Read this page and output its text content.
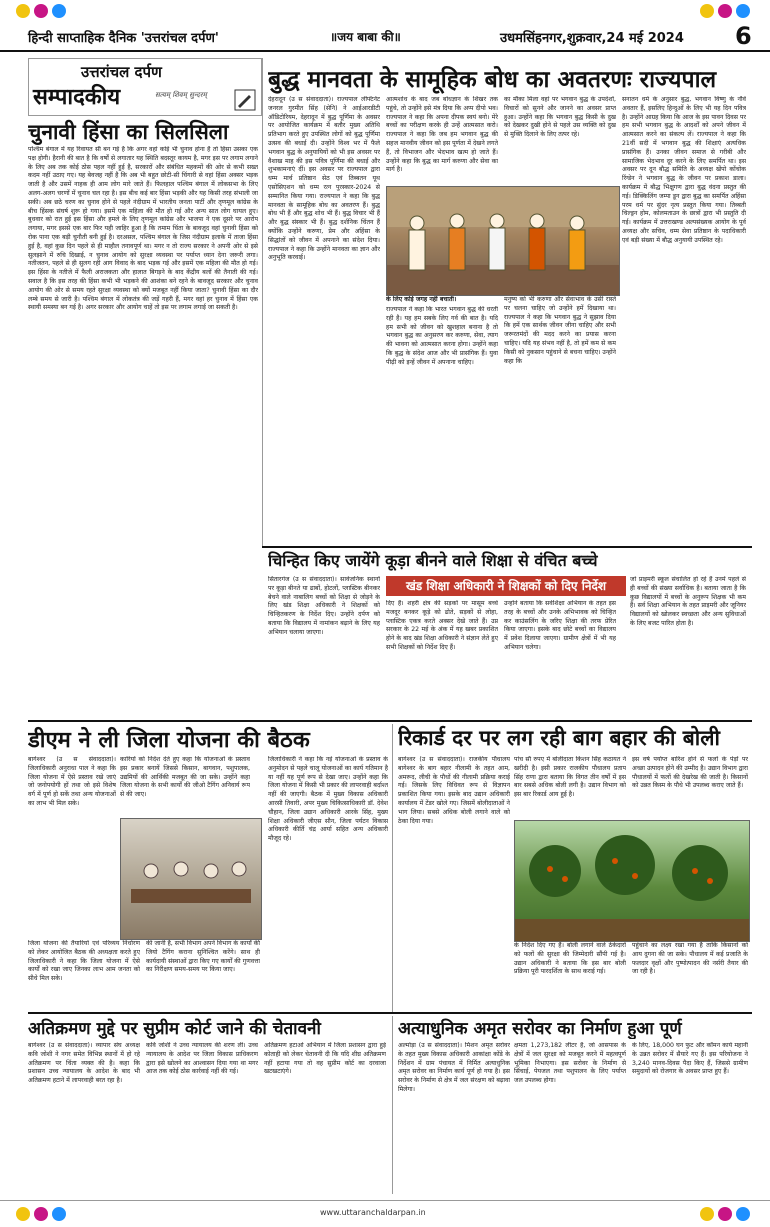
हिन्दी साप्ताहिक दैनिक 'उत्तरांचल दर्पण'	॥जय बाबा की॥	उधमसिंहनगर,शुक्रवार,24 मई 2024 6
उत्तरांचल दर्पण
सम्पादकीय	सत्यम् शिवम् सुन्दरम्
चुनावी हिंसा का सिलसिला
पश्चिम बंगाल में यह रिवायत सी बन गई है कि अगर वहां कोई भी चुनाव होना है तो हिंसा उसका एक पक्ष होगी। हैरानी की बात है कि वर्षों से लगातार यह स्थिति बदस्तूर कायम है, मगर इस पर लगाम लगाने के लिए अब तक कोई ठोस पहल नहीं हुई है, सरकारों और संबंधित महकमों की ओर से कभी सख्त कदम नहीं उठाए गए। यह बेवजह नहीं है कि अब भी बहुत छोटी-सी चिंगारी से वहां हिंसा अक्सर भड़क जाती है और उसमें नाहक ही आम लोग मारे जाते हैं। फिलहाल पश्चिम बंगाल में लोकसभा के लिए अलग-अलग चरणों में चुनाव चल रहा है। इस बीच कई बार हिंसा भड़की और यह किसी तरह संभाली जा सकी। अब छठे चरण का चुनाव होने से पहले नंदीग्राम में भारतीय जनता पार्टी और तृणमूल कांग्रेस के बीच हिंसक संघर्ष शुरू हो गया। इसमें एक महिला की मौत हो गई और अन्य सात लोग घायल हुए। बुधवार को रात हुई इस हिंसा और हमले के लिए तृणमूल कांग्रेस और भाजपा ने एक दूसरे पर आरोप लगाया, मगर इससे एक बार फिर यही जाहिर हुआ है कि तमाम चिंता के बावजूद वहां चुनावी हिंसा को रोक पाना एक बड़ी चुनौती बनी हुई है। दरअसल, पश्चिम बंगाल के जिस नंदीग्राम इलाके में ताजा हिंसा हुई है, वहां कुछ दिन पहले से ही माहौल तनावपूर्ण था। मगर न तो राज्य सरकार ने अपनी ओर से इसे सुलझाने में रुचि दिखाई, न चुनाव आयोग को सुरक्षा व्यवस्था पर पर्याप्त ध्यान देना जरूरी लगा। नतीजतन, पहले से ही सुलग रही आग विवाद के बाद भड़क गई और इसमें एक महिला की मौत हो गई। इस हिंसा के नतीजे में फैली अराजकता और हालात बिगड़ने के बाद केंद्रीय बलों की तैनाती की गई। सवाल है कि इस तरह की हिंसा कभी भी भड़कने की आशंका बने रहने के बावजूद सरकार और चुनाव आयोग की ओर से समय रहते सुरक्षा व्यवस्था को क्यों मजबूत नहीं किया जाता? चुनावी हिंसा का दौर लम्बे समय से जारी है। पश्चिम बंगाल में लोकतंत्र की जड़ें गहरी हैं, मगर वहां हर चुनाव में हिंसा एक स्थायी समस्या बन गई है। अगर सरकार और आयोग चाहें तो इस पर लगाम लगाई जा सकती है।
बुद्ध मानवता के सामूहिक बोध का अवतरणः राज्यपाल
देहरादून (उ स संवाददाता)। राज्यपाल लेफ्टिनेंट जनरल गुरमीत सिंह (सेनि) ने आईआरडीटी ऑडिटोरियम, देहरादून में बुद्ध पूर्णिमा के अवसर पर आयोजित कार्यक्रम में बतौर मुख्य अतिथि प्रतिभाग करते हुए उपस्थित लोगों को बुद्ध पूर्णिमा उत्सव की बधाई दी। उन्होंने विश्व भर में फैले भगवान बुद्ध के अनुयायियों को भी इस अवसर पर वैशाख माह की इस पवित्र पूर्णिमा की बधाई और शुभकामनाएं दीं। इस अवसर पर राज्यपाल द्वारा धम्म मार्च प्रतिष्ठान सेठ एवं तिब्बतन यूथ एसोसिएशन को धम्म रत्न पुरस्कार-2024 से सम्मानित किया गया। राज्यपाल ने कहा कि बुद्ध मानवता के सामूहिक बोध का अवतरण हैं। बुद्ध बोध भी हैं और बुद्ध शोध भी हैं। बुद्ध विचार भी हैं और बुद्ध संस्कार भी हैं। बुद्ध दर्शनिक चिंतन हैं क्योंकि उन्होंने करुणा, प्रेम और अहिंसा के सिद्धांतों को जीवन में अपनाने का संदेश दिया। राज्यपाल ने कहा कि उन्होंने मानवता का ज्ञान और अनुभूति करवाई।
आत्मशोध के बाद जब बोधज्ञान के शिखर तक पहुंचे, तो उन्होंने इसे मंत्र दिया कि अप्प दीपो भव। राज्यपाल ने कहा कि अपना दीपक स्वयं बनो। मेरे बच्चों का परीक्षण करके ही उन्हें आत्मसात करो। राज्यपाल ने कहा कि जब हम भगवान बुद्ध की सहज मानवीय जीवन को इस पूर्णता में देखने लगते हैं, तो विभाजन और भेदभाव खत्म हो जाते हैं। उन्होंने कहा कि बुद्ध का मार्ग करुणा और सेवा का मार्ग है।
का मौका मिला वहां पर भगवान बुद्ध के उपदेशों, विचारों को सुनने और जानने का अवसर प्राप्त हुआ। उन्होंने कहा कि भगवान बुद्ध किसी के दुख को देखकर दुखी होने से पहले उस व्यक्ति को दुख से मुक्ति दिलाने के लिए तत्पर रहे।
के लिए कोई जगह नहीं बचाती।
राज्यपाल ने कहा कि भारत भगवान बुद्ध की धरती रही है। यह हम सबके लिए गर्व की बात है। यदि हम सभी को जीवन को खुशहाल बनाना है तो भगवान बुद्ध का अनुसरण कर करुणा, सेवा, त्याग की भावना को आत्मसात करना होगा। उन्होंने कहा कि बुद्ध के संदेश आज और भी प्रासंगिक हैं। युवा पीढ़ी को इन्हें जीवन में अपनाना चाहिए।
मनुष्य को भी करुणा और सेवाभाव के उसी रास्ते पर चलना चाहिए जो उन्होंने हमें दिखाया था। राज्यपाल ने कहा कि भगवान बुद्ध ने सुझाव दिया कि हमें एक सार्थक जीवन जीना चाहिए और सभी जरूरतमंदों की मदद करने का प्रयास करना चाहिए। यदि यह संभव नहीं है, तो हमें कम से कम किसी को नुकसान पहुंचाने से बचना चाहिए। उन्होंने कहा कि
सनातन धर्म के अनुसार बुद्ध, भगवान विष्णु के नौवें अवतार हैं, इसलिए हिन्दुओं के लिए भी यह दिन पवित्र है। उन्होंने आग्रह किया कि आज के इस पावन दिवस पर हम सभी भगवान बुद्ध के आदर्शों को अपने जीवन में आत्मसात करने का संकल्प लें। राज्यपाल ने कहा कि 21वीं सदी में भगवान बुद्ध की शिक्षाएं अत्यधिक प्रासंगिक हैं। उनका जीवन समाज से गरीबी और सामाजिक भेदभाव दूर करने के लिए समर्पित था। इस अवसर पर दून बौद्ध समिति के अध्यक्ष खेंपो कोंचोक रिंग्डेन ने भगवान बुद्ध के जीवन पर प्रकाश डाला। कार्यक्रम में बौद्ध भिक्षुगण द्वारा बुद्ध वंदना प्रस्तुत की गई। डिक्किलिंग जम्पा डून द्वारा बुद्ध का समर्पित अहिंसा परम धर्म पर सुंदर नृत्य प्रस्तुत किया गया। तिब्बती चिल्ड्रन होम, कोलमताउन के छात्रों द्वारा भी प्रस्तुति दी गई। कार्यक्रम में उत्तराखण्ड अल्पसंख्यक आयोग के पूर्व अध्यक्ष और सचिव, धम्म सेवा प्रतिष्ठान के पदाधिकारी एवं बड़ी संख्या में बौद्ध अनुयायी उपस्थित रहे।
चिन्हित किए जायेंगे कूड़ा बीनने वाले शिक्षा से वंचित बच्चे
खंड शिक्षा अधिकारी ने शिक्षकों को दिए निर्देश
सितारगंज (उ स संवाददाता)। सार्वजनिक स्थानों पर कूड़ा बीनते या ढाबों, होटलों, प्लास्टिक बीनकर बेचने वाले नाबालिग बच्चों को शिक्षा से जोड़ने के लिए खंड शिक्षा अधिकारी ने शिक्षकों को चिन्हितकरण के निर्देश दिए। उन्होंने दर्पण को बताया कि विद्यालय में नामांकन बढ़ाने के लिए यह अभियान चलाया जाएगा।
दिए हैं। शहरी क्षेत्र की सड़कों पर मासूम बच्चे मजदूर बनकर कूड़े को ढोते, सड़कों से लोहा, प्लास्टिक एकत्र करते अक्सर देखे जाते हैं। उप्र सरकार के 22 मई के अंक में यह खबर प्रकाशित होने के बाद खंड शिक्षा अधिकारी ने संज्ञान लेते हुए सभी शिक्षकों को निर्देश दिए हैं।
उन्होंने बताया कि सर्वशिक्षा अभियान के तहत इस तरह के बच्चों और उनके अभिभावक को चिन्हित कर काउंसलिंग के जरिए शिक्षा की तरफ प्रेरित किया जाएगा। इसके बाद छोटे बच्चों का विद्यालय में प्रवेश दिलाया जाएगा। ग्रामीण क्षेत्रों में भी यह अभियान चलेगा।
जो प्राइमरी स्कूल संचालित हो रहे हैं उनमें पहले से ही बच्चों की संख्या सर्वाधिक है। बताया जाता है कि कुछ विद्यालयों में बच्चों के अनुरूप शिक्षक भी कम हैं। सर्व शिक्षा अभियान के तहत प्राइमरी और जूनियर विद्यालयों को खोलकर स्वच्छता और अन्य सुविधाओं के लिए बजट पारित होता है।
डीएम ने ली जिला योजना की बैठक
बागेश्वर (उ स संवाददाता)। जिलाधिकारी अनुराधा पाल ने कहा कि जिला योजना में ऐसे प्रस्ताव रखे जाएं जो जनोपयोगी हों तथा जो इसे विशेष वर्ग में पूर्ण हो सकें तथा अन्य योजनाओं का लाभ भी मिल सके।
कारियों को निर्देश देते हुए कहा कि योजनाओं के प्रस्ताव इस प्रकार बनायें जिससे किसान, बागवान, पशुपालक, उद्यमियों की आर्थिकी मजबूत की जा सके। उन्होंने कहा जिला योजना के सभी कार्यों की जीओ टैगिंग अनिवार्य रूप से की जाए।
जिलाधिकारी ने कहा कि नई योजनाओं के प्रस्ताव के अनुमोदन से पहले चालू योजनाओं का कार्य गतिमान है या नहीं यह पूर्ण रूप से देखा जाए। उन्होंने कहा कि जिला योजना में किसी भी प्रकार की लापरवाही बर्दाश्त नहीं की जाएगी। बैठक में मुख्य विकास अधिकारी आरसी तिवारी, अपर मुख्य चिकित्साधिकारी डॉ. देवेश चौहान, जिला उद्यान अधिकारी आरके सिंह, मुख्य शिक्षा अधिकारी जीएस सौन, जिला पर्यटन विकास अधिकारी कीर्ति चंद्र आर्या सहित अन्य अधिकारी मौजूद रहे।
जिला योजना की तैयारियों एवं परिव्यय निर्धारण को लेकर आयोजित बैठक की अध्यक्षता करते हुए जिलाधिकारी ने कहा कि जिला योजना में ऐसे कार्यों को रखा जाए जिनका लाभ आम जनता को सीधे मिल सके।
की जानी है, सभी विभाग अपने विभाग के कार्यों की जियो टैगिंग कराना सुनिश्चित करेंगे। साथ ही कार्यदायी संस्थाओं द्वारा किए गए कार्यों की गुणवत्ता का निरीक्षण समय-समय पर किया जाए।
रिकार्ड दर पर लग रही बाग बहार की बोली
बागेश्वर (उ स संवाददाता)। राजकीय पौधालय बागेश्वर के बाग बहार नीलामी के तहत आम, अमरूद, लीची के पौधों की नीलामी प्रक्रिया कराई गई। जिसके लिए विधिवत रूप से विज्ञापन प्रकाशित किया गया। इसके बाद उद्यान अधिकारी कार्यालय में टेंडर खोले गए। जिसमें बोलीदाताओं ने भाग लिया। सबसे अधिक बोली लगाने वाले को ठेका दिया गया।
पांच सौ रुपए में बोलीदाता किशन सिंह कठायत ने खरीदी है। इसी प्रकार राजकीय पौधालय प्रताप सिंह राणा द्वारा बताया कि विगत तीन वर्षों में इस बार सबसे अधिक बोली लगी है। उद्यान विभाग को इस बार रिकार्ड आय हुई है।
इस वर्ष पर्याप्त बारिश होने से फलों के पेड़ों पर अच्छा उत्पादन होने की उम्मीद है। उद्यान विभाग द्वारा पौधालयों में फलों की देखरेख की जाती है। किसानों को उन्नत किस्म के पौधे भी उपलब्ध कराए जाते हैं।
के निर्देश दिए गए हैं। बोली लगाने वाले ठेकेदारों को फलों की सुरक्षा की जिम्मेदारी सौंपी गई है। उद्यान अधिकारी ने बताया कि इस बार बोली प्रक्रिया पूरी पारदर्शिता के साथ कराई गई।
पहुंचाने का लक्ष्य रखा गया है ताकि किसानों को आय दुगना की जा सके। पौधालय में कई प्रजाति के फलदार वृक्षों और पुष्पोत्पादन की नर्सरी तैयार की जा रही है।
अतिक्रमण मुद्दे पर सुप्रीम कोर्ट जाने की चेतावनी
बागेश्वर (उ स संवाददाता)। व्यापार संघ अध्यक्ष कवि जोशी ने नगर समेत विभिन्न स्थानों में हो रहे अतिक्रमण पर चिंता व्यक्त की है। कहा कि प्रशासन उच्च न्यायालय के आदेश के बाद भी अतिक्रमण हटाने में लापरवाही बरत रहा है।
कवि जोशी ने उच्च न्यायालय की शरण ली। उच्च न्यायालय के आदेश पर जिला विकास प्राधिकरण द्वारा इसे खोलने का आश्वासन दिया गया था मगर आज तक कोई ठोस कार्रवाई नहीं की गई।
अतिक्रमण हटाओ अभियान में जिला प्रशासन द्वारा हुई कोताही को लेकर चेतावनी दी कि यदि शीघ्र अतिक्रमण नहीं हटाया गया तो वह सुप्रीम कोर्ट का दरवाजा खटखटाएंगे।
अत्याधुनिक अमृत सरोवर का निर्माण हुआ पूर्ण
अल्मोड़ा (उ स संवाददाता)। मिशन अमृत सरोवर के तहत मुख्य विकास अधिकारी आकांक्षा कोंडे के निर्देशन में ग्राम पंचायत में निर्मित अत्याधुनिक अमृत सरोवर का निर्माण कार्य पूर्ण हो गया है। इस सरोवर के निर्माण से क्षेत्र में जल संरक्षण को बढ़ावा मिलेगा।
क्षमता 1,273,182 लीटर है, जो आसपास के क्षेत्रों में जल सुरक्षा को मजबूत करने में महत्वपूर्ण भूमिका निभाएगा। इस सरोवर के निर्माण से सिंचाई, पेयजल तथा पशुपालन के लिए पर्याप्त जल उपलब्ध होगा।
के लिए, 18,000 घन फुट और कॉमन कार्य महानी के उन्नत सरोवर में सैयारे गए हैं। इस परियोजना ने 3,240 मानव-दिवस पैदा किए हैं, जिससे ग्रामीण समुदायों को रोजगार के अवसर प्राप्त हुए हैं।
www.uttaranchaldarpan.in
